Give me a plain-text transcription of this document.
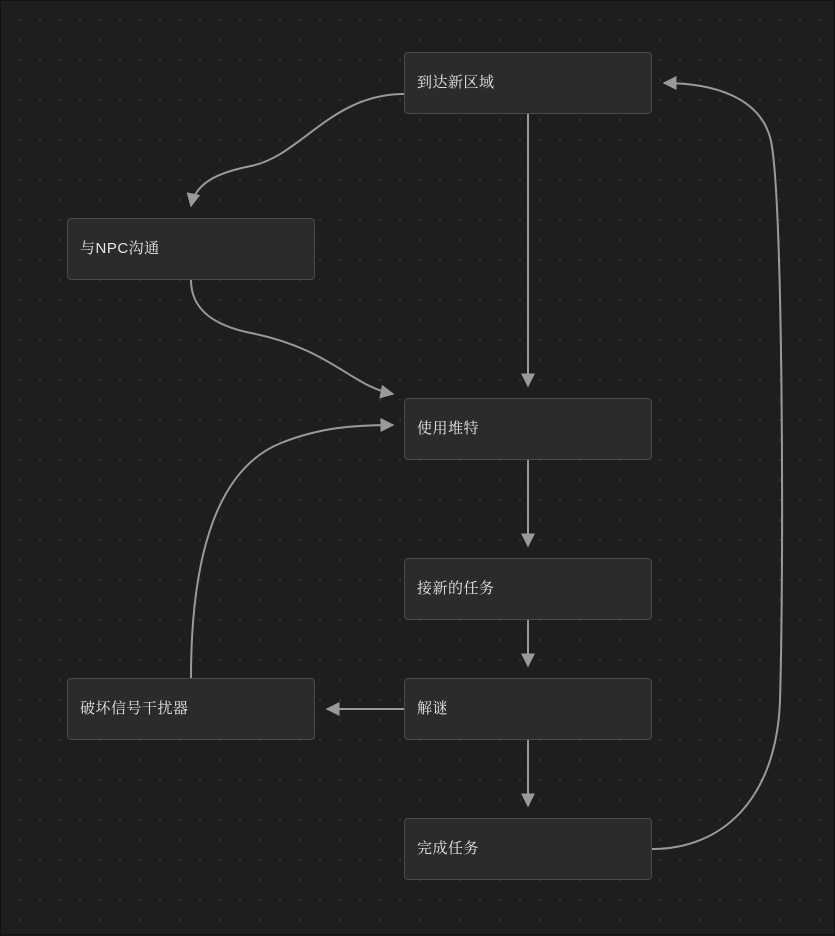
到达新区域
与NPC沟通
使用堆特
接新的任务
解谜
破坏信号干扰器
完成任务
